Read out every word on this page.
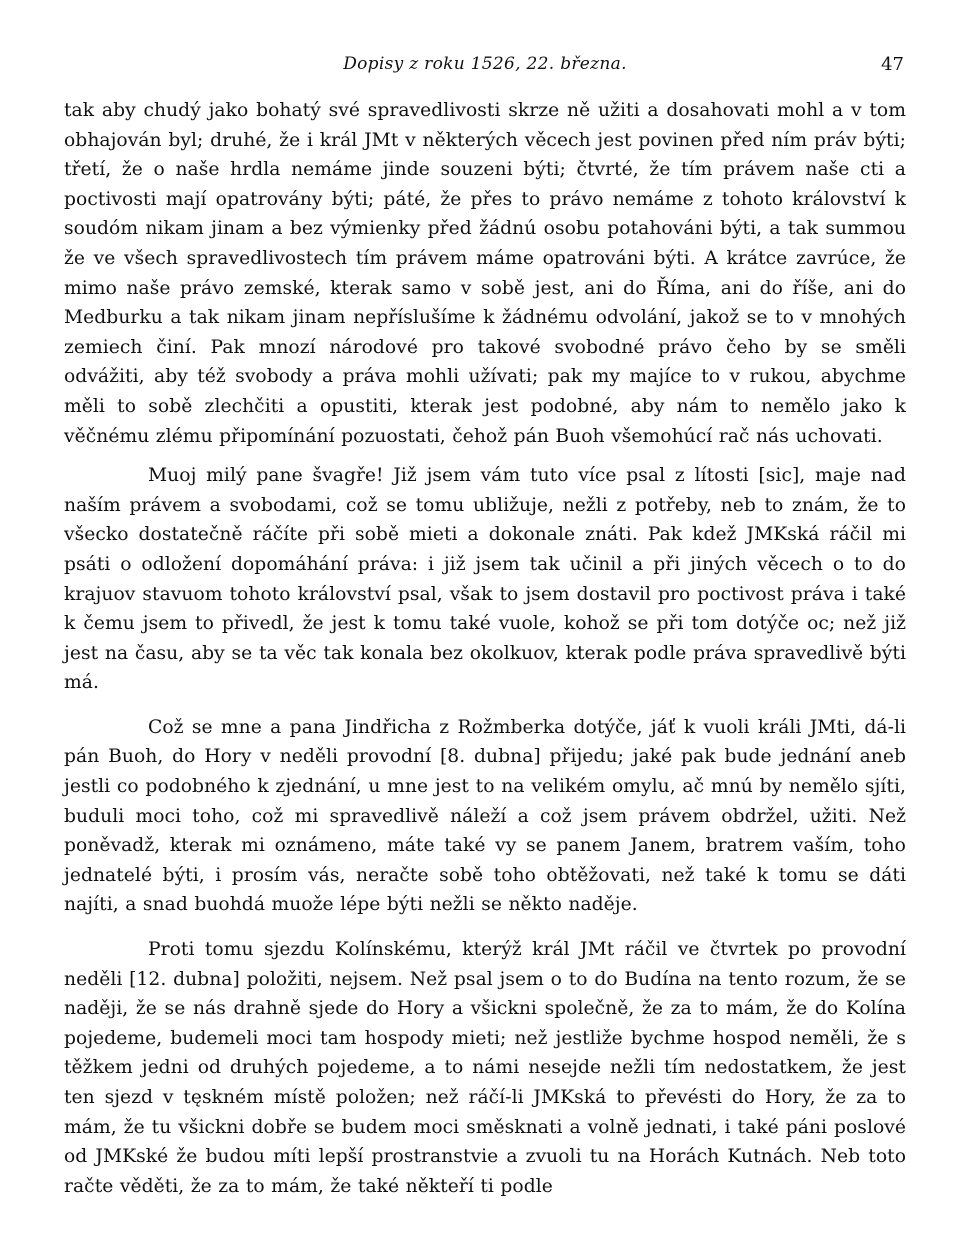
Dopisy z roku 1526, 22. března.	47

tak aby chudý jako bohatý své spravedlivosti skrze ně užiti a dosahovati mohl a v tom obhajován byl; druhé, že i král JMt v některých věcech jest povinen před ním práv býti; třetí, že o naše hrdla nemáme jinde souzeni býti; čtvrté, že tím právem naše cti a poctivosti mají opatrovány býti; páté, že přes to právo nemáme z tohoto království k soudóm nikam jinam a bez výmienky před žádnú osobu potahováni býti, a tak summou že ve všech spravedlivostech tím právem máme opatrováni býti. A krátce zavrúce, že mimo naše právo zemské, kterak samo v sobě jest, ani do Říma, ani do říše, ani do Medburku a tak nikam jinam nepříslušíme k žádnému odvolání, jakož se to v mnohých zemiech činí. Pak mnozí národové pro takové svobodné právo čeho by se směli odvážiti, aby též svobody a práva mohli užívati; pak my majíce to v rukou, abychme měli to sobě zlechčiti a opustiti, kterak jest podobné, aby nám to nemělo jako k věčnému zlému připomínání pozuostati, čehož pán Buoh všemohúcí rač nás uchovati.

Muoj milý pane švagře! Již jsem vám tuto více psal z lítosti [sic], maje nad naším právem a svobodami, což se tomu ubližuje, nežli z potřeby, neb to znám, že to všecko dostatečně ráčíte při sobě mieti a dokonale znáti. Pak kdež JMKská ráčil mi psáti o odložení dopomáhání práva: i již jsem tak učinil a při jiných věcech o to do krajuov stavuom tohoto království psal, však to jsem dostavil pro poctivost práva i také k čemu jsem to přivedl, že jest k tomu také vuole, kohož se při tom dotýče oc; než již jest na času, aby se ta věc tak konala bez okolkuov, kterak podle práva spravedlivě býti má.

Což se mne a pana Jindřicha z Rožmberka dotýče, jáť k vuoli králi JMti, dá-li pán Buoh, do Hory v neděli provodní [8. dubna] přijedu; jaké pak bude jednání aneb jestli co podobného k zjednání, u mne jest to na velikém omylu, ač mnú by nemělo sjíti, buduli moci toho, což mi spravedlivě náleží a což jsem právem obdržel, užiti. Než poněvadž, kterak mi oznámeno, máte také vy se panem Janem, bratrem vaším, toho jednatelé býti, i prosím vás, neračte sobě toho obtěžovati, než také k tomu se dáti najíti, a snad buohdá muože lépe býti nežli se někto naděje.

Proti tomu sjezdu Kolínskému, kterýž král JMt ráčil ve čtvrtek po provodní neděli [12. dubna] položiti, nejsem. Než psal jsem o to do Budína na tento rozum, že se naději, že se nás drahně sjede do Hory a všickni společně, že za to mám, že do Kolína pojedeme, budemeli moci tam hospody mieti; než jestliže bychme hospod neměli, že s těžkem jedni od druhých pojedeme, a to námi nesejde nežli tím nedostatkem, že jest ten sjezd v tęskném místě položen; než ráčí-li JMKská to převésti do Hory, že za to mám, že tu všickni dobře se budem moci směsknati a volně jednati, i také páni poslové od JMKské že budou míti lepší prostranstvie a zvuoli tu na Horách Kutnách. Neb toto račte věděti, že za to mám, že také někteří ti podle
